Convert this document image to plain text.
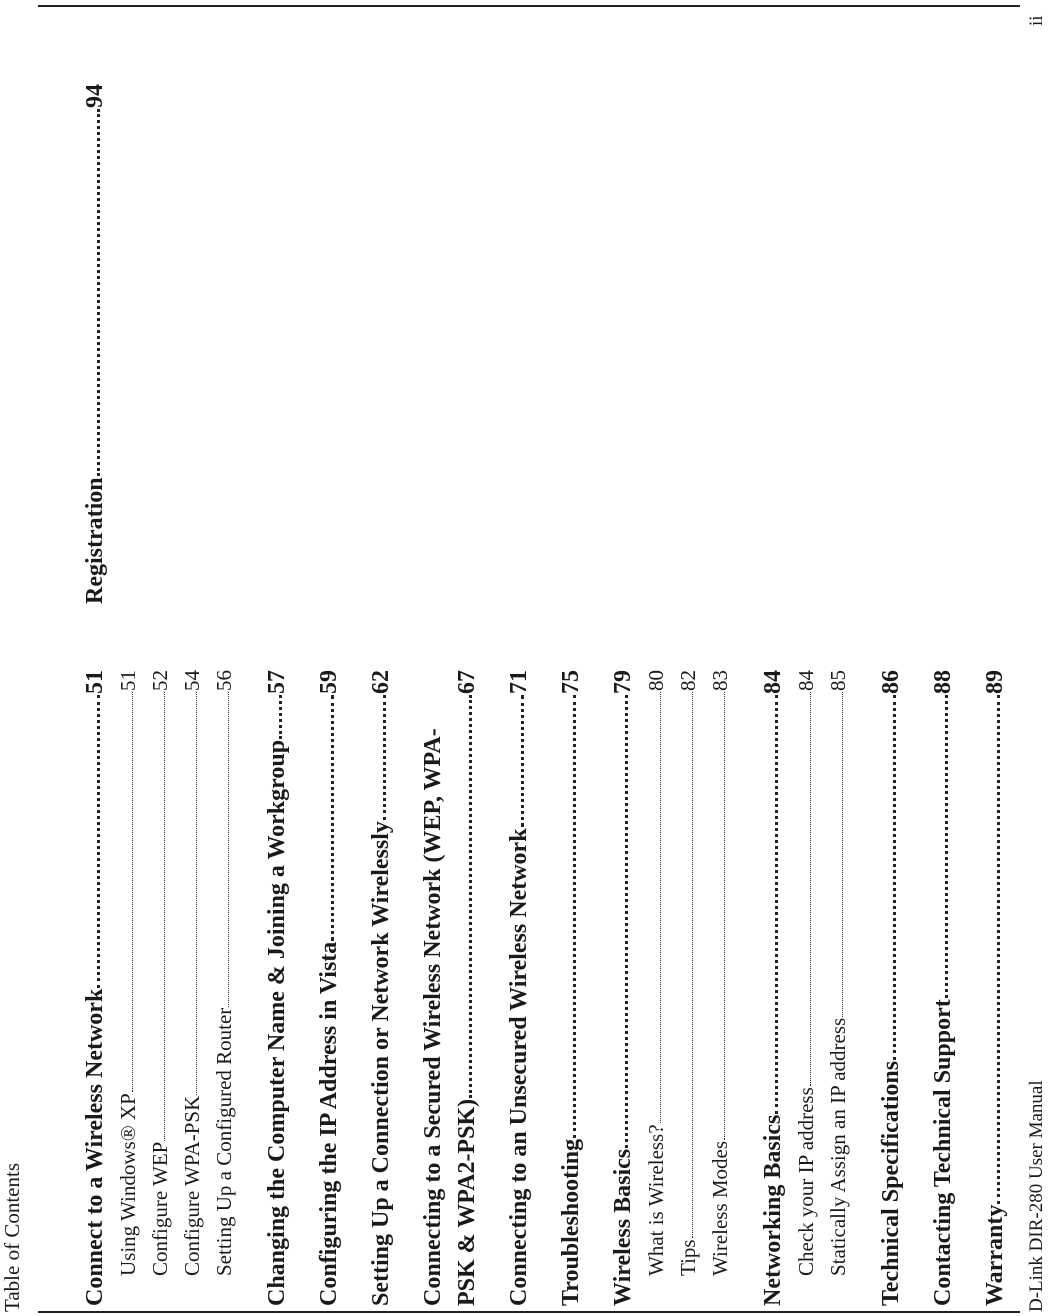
Table of Contents Connect to a Wireless Network
51
Using Windows® XP
51
Configure WEP
52
Configure WPA-PSK
54
Setting Up a Configured Router
56
Changing the Computer Name & Joining a Workgroup
57
Configuring the IP Address in Vista
59
Setting Up a Connection or Network Wirelessly
62
Connecting to a Secured Wireless Network (WEP, WPA- PSK & WPA2-PSK)
67
Connecting to an Unsecured Wireless Network
71
Troubleshooting
75
Wireless Basics
79
What is Wireless?
80
Tips
82
Wireless Modes
83
Networking Basics
84
Check your IP address
84
Statically Assign an IP address
85
Technical Specifications
86
Contacting Technical Support
88
Warranty
89
Registration
94
D-Link DIR-280 User Manual
ii
